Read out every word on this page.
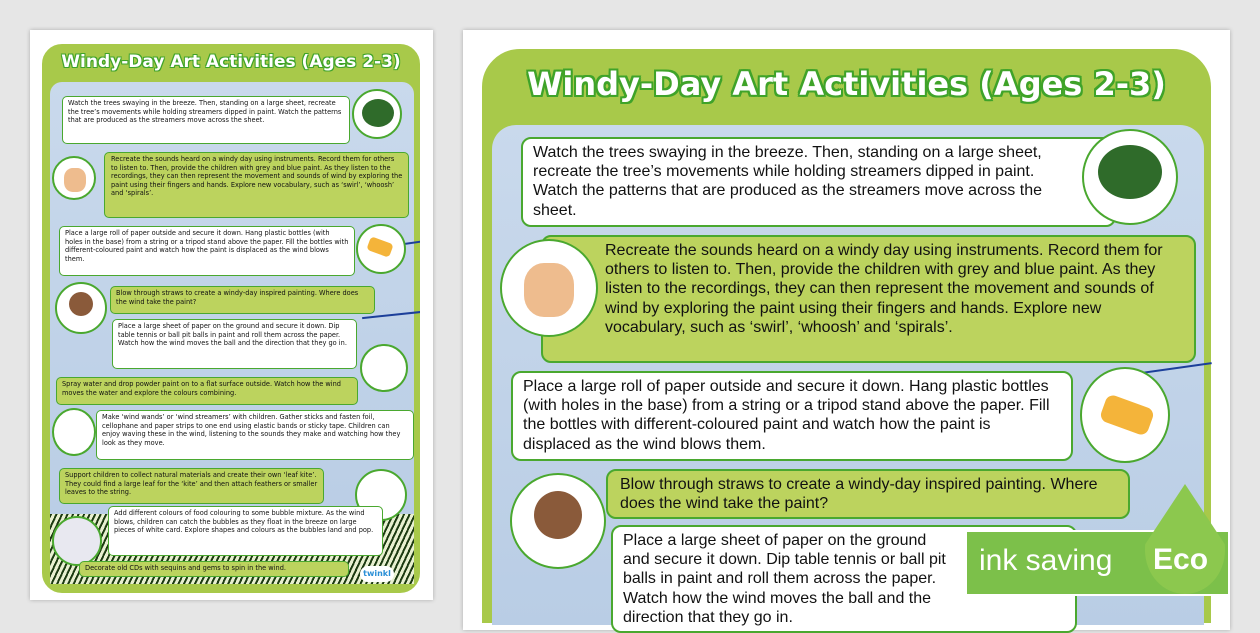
Windy-Day Art Activities (Ages 2-3)
Watch the trees swaying in the breeze. Then, standing on a large sheet, recreate the tree’s movements while holding streamers dipped in paint. Watch the patterns that are produced as the streamers move across the sheet.
Recreate the sounds heard on a windy day using instruments. Record them for others to listen to. Then, provide the children with grey and blue paint. As they listen to the recordings, they can then represent the movement and sounds of wind by exploring the paint using their fingers and hands. Explore new vocabulary, such as ‘swirl’, ‘whoosh’ and ‘spirals’.
Place a large roll of paper outside and secure it down. Hang plastic bottles (with holes in the base) from a string or a tripod stand above the paper. Fill the bottles with different-coloured paint and watch how the paint is displaced as the wind blows them.
Blow through straws to create a windy-day inspired painting. Where does the wind take the paint?
Place a large sheet of paper on the ground and secure it down. Dip table tennis or ball pit balls in paint and roll them across the paper. Watch how the wind moves the ball and the direction that they go in.
Spray water and drop powder paint on to a flat surface outside. Watch how the wind moves the water and explore the colours combining.
Make ‘wind wands’ or ‘wind streamers’ with children. Gather sticks and fasten foil, cellophane and paper strips to one end using elastic bands or sticky tape. Children can enjoy waving these in the wind, listening to the sounds they make and watching how they look as they move.
Support children to collect natural materials and create their own ‘leaf kite’. They could find a large leaf for the ‘kite’ and then attach feathers or smaller leaves to the string.
Add different colours of food colouring to some bubble mixture. As the wind blows, children can catch the bubbles as they float in the breeze on large pieces of white card. Explore shapes and colours as the bubbles land and pop.
Decorate old CDs with sequins and gems to spin in the wind.
twinkl
Windy-Day Art Activities (Ages 2-3)
Watch the trees swaying in the breeze. Then, standing on a large sheet, recreate the tree’s movements while holding streamers dipped in paint. Watch the patterns that are produced as the streamers move across the sheet.
Recreate the sounds heard on a windy day using instruments. Record them for others to listen to. Then, provide the children with grey and blue paint. As they listen to the recordings, they can then represent the movement and sounds of wind by exploring the paint using their fingers and hands. Explore new vocabulary, such as ‘swirl’, ‘whoosh’ and ‘spirals’.
Place a large roll of paper outside and secure it down. Hang plastic bottles (with holes in the base) from a string or a tripod stand above the paper. Fill the bottles with different-coloured paint and watch how the paint is displaced as the wind blows them.
Blow through straws to create a windy-day inspired painting. Where does the wind take the paint?
Place a large sheet of paper on the ground and secure it down. Dip table tennis or ball pit balls in paint and roll them across the paper. Watch how the wind moves the ball and the direction that they go in.
ink saving Eco
